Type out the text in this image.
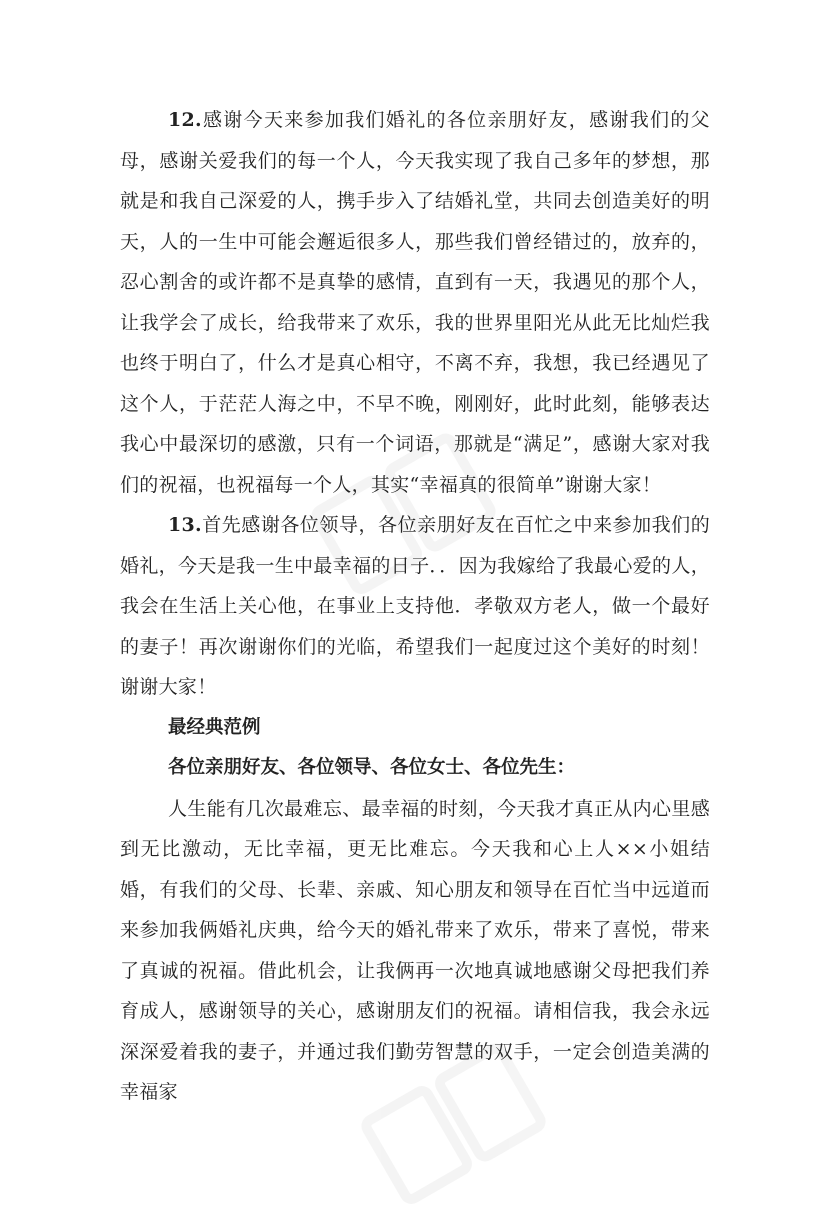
12.感谢今天来参加我们婚礼的各位亲朋好友，感谢我们的父母，感谢关爱我们的每一个人，今天我实现了我自己多年的梦想，那就是和我自己深爱的人，携手步入了结婚礼堂，共同去创造美好的明天，人的一生中可能会邂逅很多人，那些我们曾经错过的，放弃的，忍心割舍的或许都不是真挚的感情，直到有一天，我遇见的那个人，让我学会了成长，给我带来了欢乐，我的世界里阳光从此无比灿烂我也终于明白了，什么才是真心相守，不离不弃，我想，我已经遇见了这个人，于茫茫人海之中，不早不晚，刚刚好，此时此刻，能够表达我心中最深切的感激，只有一个词语，那就是“满足”，感谢大家对我们的祝福，也祝福每一个人，其实“幸福真的很简单”谢谢大家！

13.首先感谢各位领导，各位亲朋好友在百忙之中来参加我们的婚礼，今天是我一生中最幸福的日子．．因为我嫁给了我最心爱的人，我会在生活上关心他，在事业上支持他．孝敬双方老人，做一个最好的妻子！再次谢谢你们的光临，希望我们一起度过这个美好的时刻！谢谢大家！

最经典范例

各位亲朋好友、各位领导、各位女士、各位先生：

人生能有几次最难忘、最幸福的时刻，今天我才真正从内心里感到无比激动，无比幸福，更无比难忘。今天我和心上人××小姐结婚，有我们的父母、长辈、亲戚、知心朋友和领导在百忙当中远道而来参加我俩婚礼庆典，给今天的婚礼带来了欢乐，带来了喜悦，带来了真诚的祝福。借此机会，让我俩再一次地真诚地感谢父母把我们养育成人，感谢领导的关心，感谢朋友们的祝福。请相信我，我会永远深深爱着我的妻子，并通过我们勤劳智慧的双手，一定会创造美满的幸福家
